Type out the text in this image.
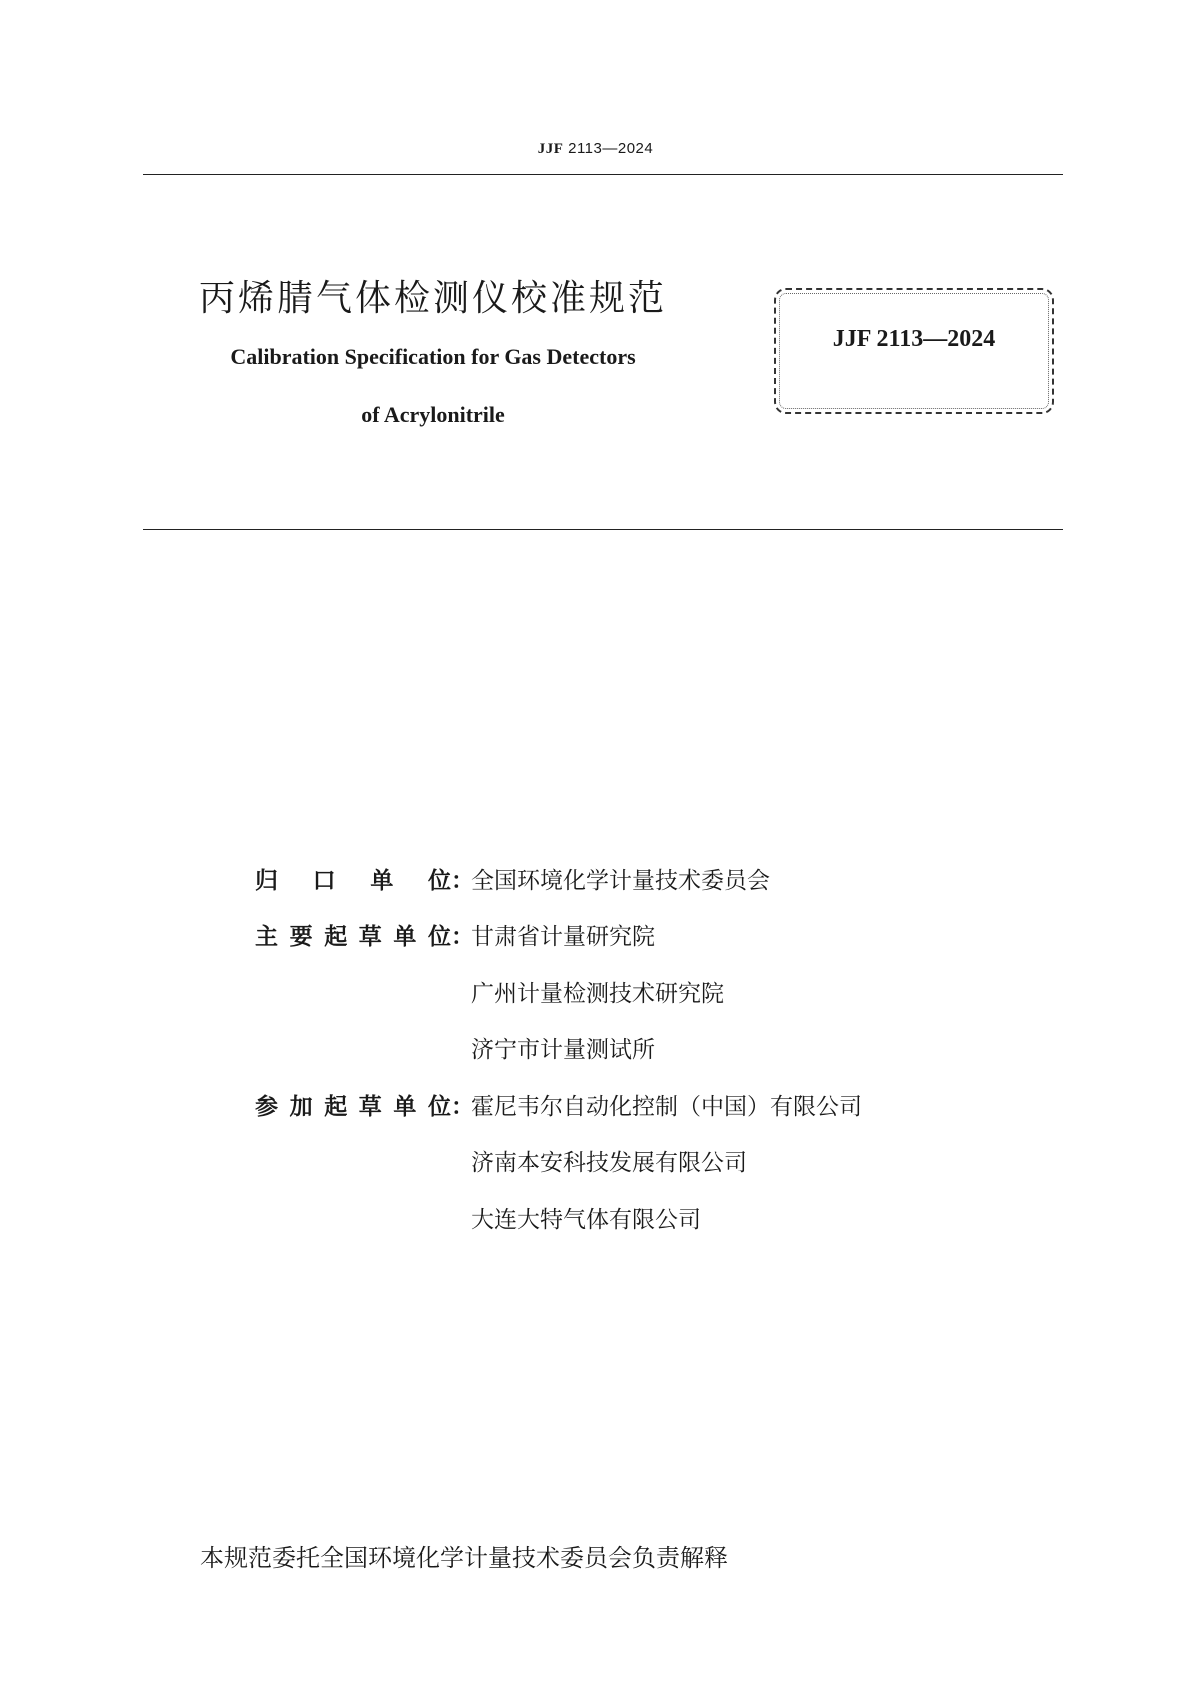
JJF 2113—2024
丙烯腈气体检测仪校准规范
Calibration Specification for Gas Detectors
of Acrylonitrile
JJF 2113—2024
归 口 单 位 ：
全国环境化学计量技术委员会
主要起草单位 ：
甘肃省计量研究院
广州计量检测技术研究院
济宁市计量测试所
参加起草单位 ：
霍尼韦尔自动化控制（中国）有限公司
济南本安科技发展有限公司
大连大特气体有限公司
本规范委托全国环境化学计量技术委员会负责解释
